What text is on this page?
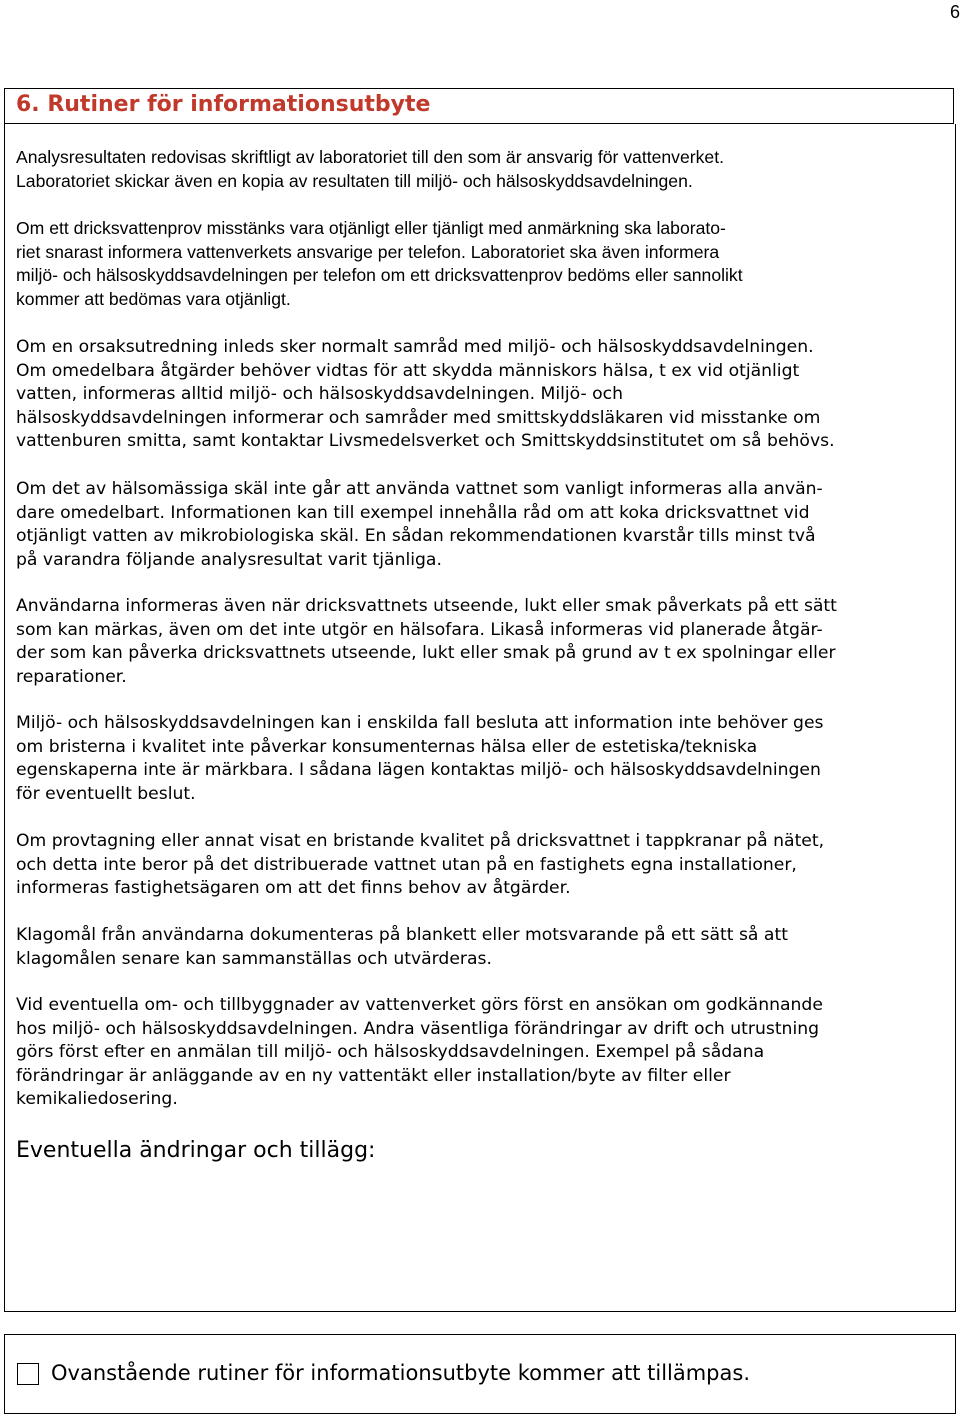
6
6. Rutiner för informationsutbyte

Analysresultaten redovisas skriftligt av laboratoriet till den som är ansvarig för vattenverket.
Laboratoriet skickar även en kopia av resultaten till miljö- och hälsoskyddsavdelningen.

Om ett dricksvattenprov misstänks vara otjänligt eller tjänligt med anmärkning ska laborato-
riet snarast informera vattenverkets ansvarige per telefon. Laboratoriet ska även informera
miljö- och hälsoskyddsavdelningen per telefon om ett dricksvattenprov bedöms eller sannolikt
kommer att bedömas vara otjänligt.

Om en orsaksutredning inleds sker normalt samråd med miljö- och hälsoskyddsavdelningen.
Om omedelbara åtgärder behöver vidtas för att skydda människors hälsa, t ex vid otjänligt
vatten, informeras alltid miljö- och hälsoskyddsavdelningen. Miljö- och
hälsoskyddsavdelningen informerar och samråder med smittskyddsläkaren vid misstanke om
vattenburen smitta, samt kontaktar Livsmedelsverket och Smittskyddsinstitutet om så behövs.

Om det av hälsomässiga skäl inte går att använda vattnet som vanligt informeras alla använ-
dare omedelbart. Informationen kan till exempel innehålla råd om att koka dricksvattnet vid
otjänligt vatten av mikrobiologiska skäl. En sådan rekommendationen kvarstår tills minst två
på varandra följande analysresultat varit tjänliga.

Användarna informeras även när dricksvattnets utseende, lukt eller smak påverkats på ett sätt
som kan märkas, även om det inte utgör en hälsofara. Likaså informeras vid planerade åtgär-
der som kan påverka dricksvattnets utseende, lukt eller smak på grund av t ex spolningar eller
reparationer.

Miljö- och hälsoskyddsavdelningen kan i enskilda fall besluta att information inte behöver ges
om bristerna i kvalitet inte påverkar konsumenternas hälsa eller de estetiska/tekniska
egenskaperna inte är märkbara. I sådana lägen kontaktas miljö- och hälsoskyddsavdelningen
för eventuellt beslut.

Om provtagning eller annat visat en bristande kvalitet på dricksvattnet i tappkranar på nätet,
och detta inte beror på det distribuerade vattnet utan på en fastighets egna installationer,
informeras fastighetsägaren om att det finns behov av åtgärder.

Klagomål från användarna dokumenteras på blankett eller motsvarande på ett sätt så att
klagomålen senare kan sammanställas och utvärderas.

Vid eventuella om- och tillbyggnader av vattenverket görs först en ansökan om godkännande
hos miljö- och hälsoskyddsavdelningen. Andra väsentliga förändringar av drift och utrustning
görs först efter en anmälan till miljö- och hälsoskyddsavdelningen. Exempel på sådana
förändringar är anläggande av en ny vattentäkt eller installation/byte av filter eller
kemikaliedosering.

Eventuella ändringar och tillägg:
Ovanstående rutiner för informationsutbyte kommer att tillämpas.
